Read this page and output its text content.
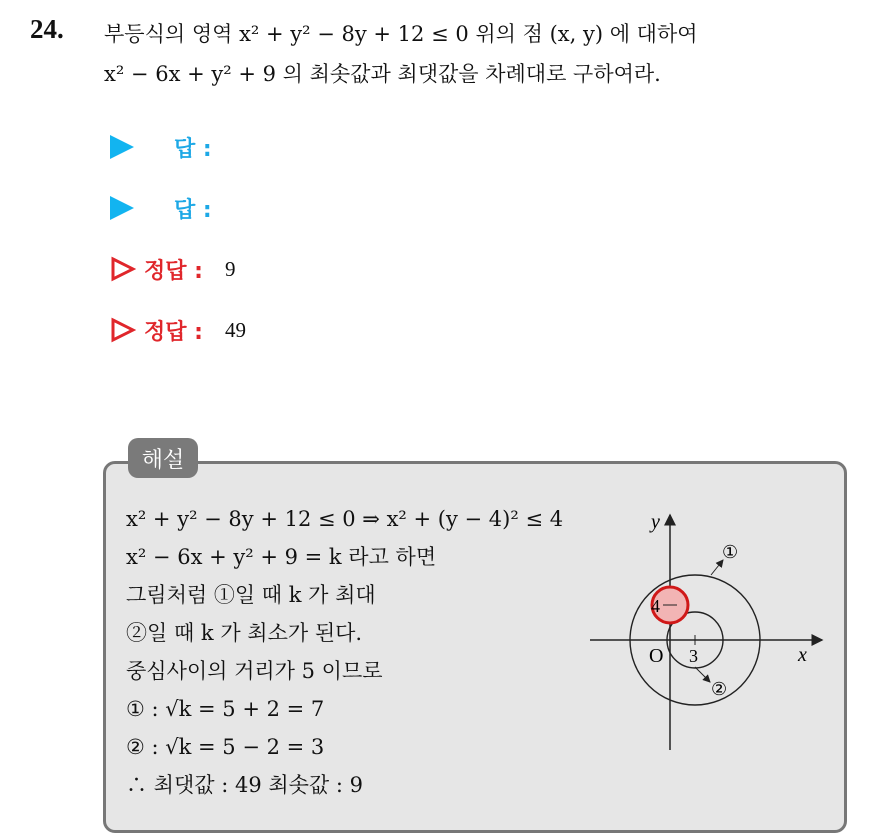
24. 부등식의 영역 x² + y² − 8y + 12 ≤ 0 위의 점 (x, y) 에 대하여
x² − 6x + y² + 9 의 최솟값과 최댓값을 차례대로 구하여라.
답 :
답 :
정답 : 9
정답 : 49
해설
x² + y² − 8y + 12 ≤ 0 ⇒ x² + (y − 4)² ≤ 4
x² − 6x + y² + 9 = k 라고 하면
그림처럼 ①일 때 k 가 최대
②일 때 k 가 최소가 된다.
중심사이의 거리가 5 이므로
① : √k = 5 + 2 = 7
② : √k = 5 − 2 = 3
∴ 최댓값 : 49 최솟값 : 9
y
x
O 3
4
①
②
